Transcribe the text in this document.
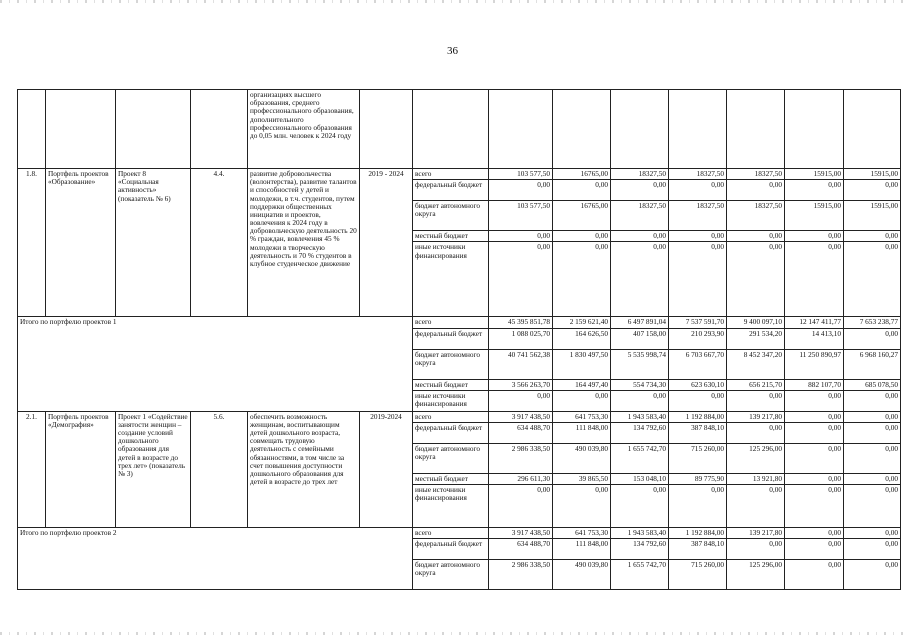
36
				организациях высшего образования, среднего профессионального образования, дополнительного профессионального образования до 0,05 млн. человек к 2024 году									
1.8.	Портфель проектов «Образование»	Проект 8 «Социальная активность» (показатель № 6)	4.4.	развитие добровольчества (волонтерства), развитие талантов и способностей у детей и молодежи, в т.ч. студентов, путем поддержки общественных инициатив и проектов, вовлечения к 2024 году в добровольческую деятельность 20 % граждан, вовлечения 45 % молодежи в творческую деятельность и 70 % студентов в клубное студенческое движение	2019 - 2024	всего	103 577,50	16765,00	18327,50	18327,50	18327,50	15915,00	15915,00
						федеральный бюджет	0,00	0,00	0,00	0,00	0,00	0,00	0,00
						бюджет автономного округа	103 577,50	16765,00	18327,50	18327,50	18327,50	15915,00	15915,00
						местный бюджет	0,00	0,00	0,00	0,00	0,00	0,00	0,00
						иные источники финансирования	0,00	0,00	0,00	0,00	0,00	0,00	0,00
Итого по портфелю проектов 1						всего	45 395 851,78	2 159 621,40	6 497 891,04	7 537 591,70	9 400 097,10	12 147 411,77	7 653 238,77
						федеральный бюджет	1 088 025,70	164 626,50	407 158,00	210 293,90	291 534,20	14 413,10	0,00
						бюджет автономного округа	40 741 562,38	1 830 497,50	5 535 998,74	6 703 667,70	8 452 347,20	11 250 890,97	6 968 160,27
						местный бюджет	3 566 263,70	164 497,40	554 734,30	623 630,10	656 215,70	882 107,70	685 078,50
						иные источники финансирования	0,00	0,00	0,00	0,00	0,00	0,00	0,00
2.1.	Портфель проектов «Демография»	Проект 1 «Содействие занятости женщин – создание условий дошкольного образования для детей в возрасте до трех лет» (показатель № 3)	5.6.	обеспечить возможность женщинам, воспитывающим детей дошкольного возраста, совмещать трудовую деятельность с семейными обязанностями, в том числе за счет повышения доступности дошкольного образования для детей в возрасте до трех лет	2019-2024	всего	3 917 438,50	641 753,30	1 943 583,40	1 192 884,00	139 217,80	0,00	0,00
						федеральный бюджет	634 488,70	111 848,00	134 792,60	387 848,10	0,00	0,00	0,00
						бюджет автономного округа	2 986 338,50	490 039,80	1 655 742,70	715 260,00	125 296,00	0,00	0,00
						местный бюджет	296 611,30	39 865,50	153 048,10	89 775,90	13 921,80	0,00	0,00
						иные источники финансирования	0,00	0,00	0,00	0,00	0,00	0,00	0,00
Итого по портфелю проектов 2						всего	3 917 438,50	641 753,30	1 943 583,40	1 192 884,00	139 217,80	0,00	0,00
						федеральный бюджет	634 488,70	111 848,00	134 792,60	387 848,10	0,00	0,00	0,00
						бюджет автономного округа	2 986 338,50	490 039,80	1 655 742,70	715 260,00	125 296,00	0,00	0,00
